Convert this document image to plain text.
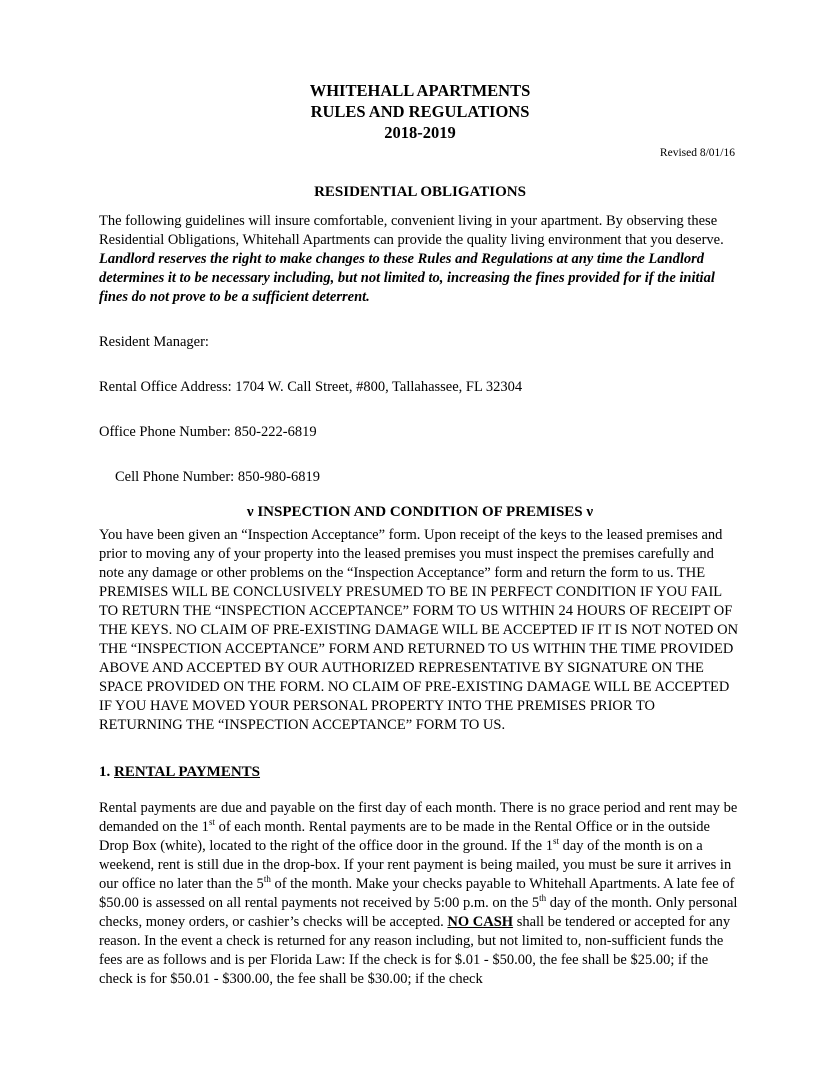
WHITEHALL APARTMENTS
RULES AND REGULATIONS
2018-2019
Revised 8/01/16
RESIDENTIAL OBLIGATIONS

The following guidelines will insure comfortable, convenient living in your apartment. By observing these Residential Obligations, Whitehall Apartments can provide the quality living environment that you deserve. Landlord reserves the right to make changes to these Rules and Regulations at any time the Landlord determines it to be necessary including, but not limited to, increasing the fines provided for if the initial fines do not prove to be a sufficient deterrent.

Resident Manager:

Rental Office Address: 1704 W. Call Street, #800, Tallahassee, FL 32304

Office Phone Number: 850-222-6819

Cell Phone Number: 850-980-6819

ν INSPECTION AND CONDITION OF PREMISES ν

You have been given an “Inspection Acceptance” form. Upon receipt of the keys to the leased premises and prior to moving any of your property into the leased premises you must inspect the premises carefully and note any damage or other problems on the “Inspection Acceptance” form and return the form to us. THE PREMISES WILL BE CONCLUSIVELY PRESUMED TO BE IN PERFECT CONDITION IF YOU FAIL TO RETURN THE “INSPECTION ACCEPTANCE” FORM TO US WITHIN 24 HOURS OF RECEIPT OF THE KEYS. NO CLAIM OF PRE-EXISTING DAMAGE WILL BE ACCEPTED IF IT IS NOT NOTED ON THE “INSPECTION ACCEPTANCE” FORM AND RETURNED TO US WITHIN THE TIME PROVIDED ABOVE AND ACCEPTED BY OUR AUTHORIZED REPRESENTATIVE BY SIGNATURE ON THE SPACE PROVIDED ON THE FORM. NO CLAIM OF PRE-EXISTING DAMAGE WILL BE ACCEPTED IF YOU HAVE MOVED YOUR PERSONAL PROPERTY INTO THE PREMISES PRIOR TO RETURNING THE “INSPECTION ACCEPTANCE” FORM TO US.

1. RENTAL PAYMENTS

Rental payments are due and payable on the first day of each month. There is no grace period and rent may be demanded on the 1st of each month. Rental payments are to be made in the Rental Office or in the outside Drop Box (white), located to the right of the office door in the ground. If the 1st day of the month is on a weekend, rent is still due in the drop-box. If your rent payment is being mailed, you must be sure it arrives in our office no later than the 5th of the month. Make your checks payable to Whitehall Apartments. A late fee of $50.00 is assessed on all rental payments not received by 5:00 p.m. on the 5th day of the month. Only personal checks, money orders, or cashier’s checks will be accepted. NO CASH shall be tendered or accepted for any reason. In the event a check is returned for any reason including, but not limited to, non-sufficient funds the fees are as follows and is per Florida Law: If the check is for $.01 - $50.00, the fee shall be $25.00; if the check is for $50.01 - $300.00, the fee shall be $30.00; if the check
